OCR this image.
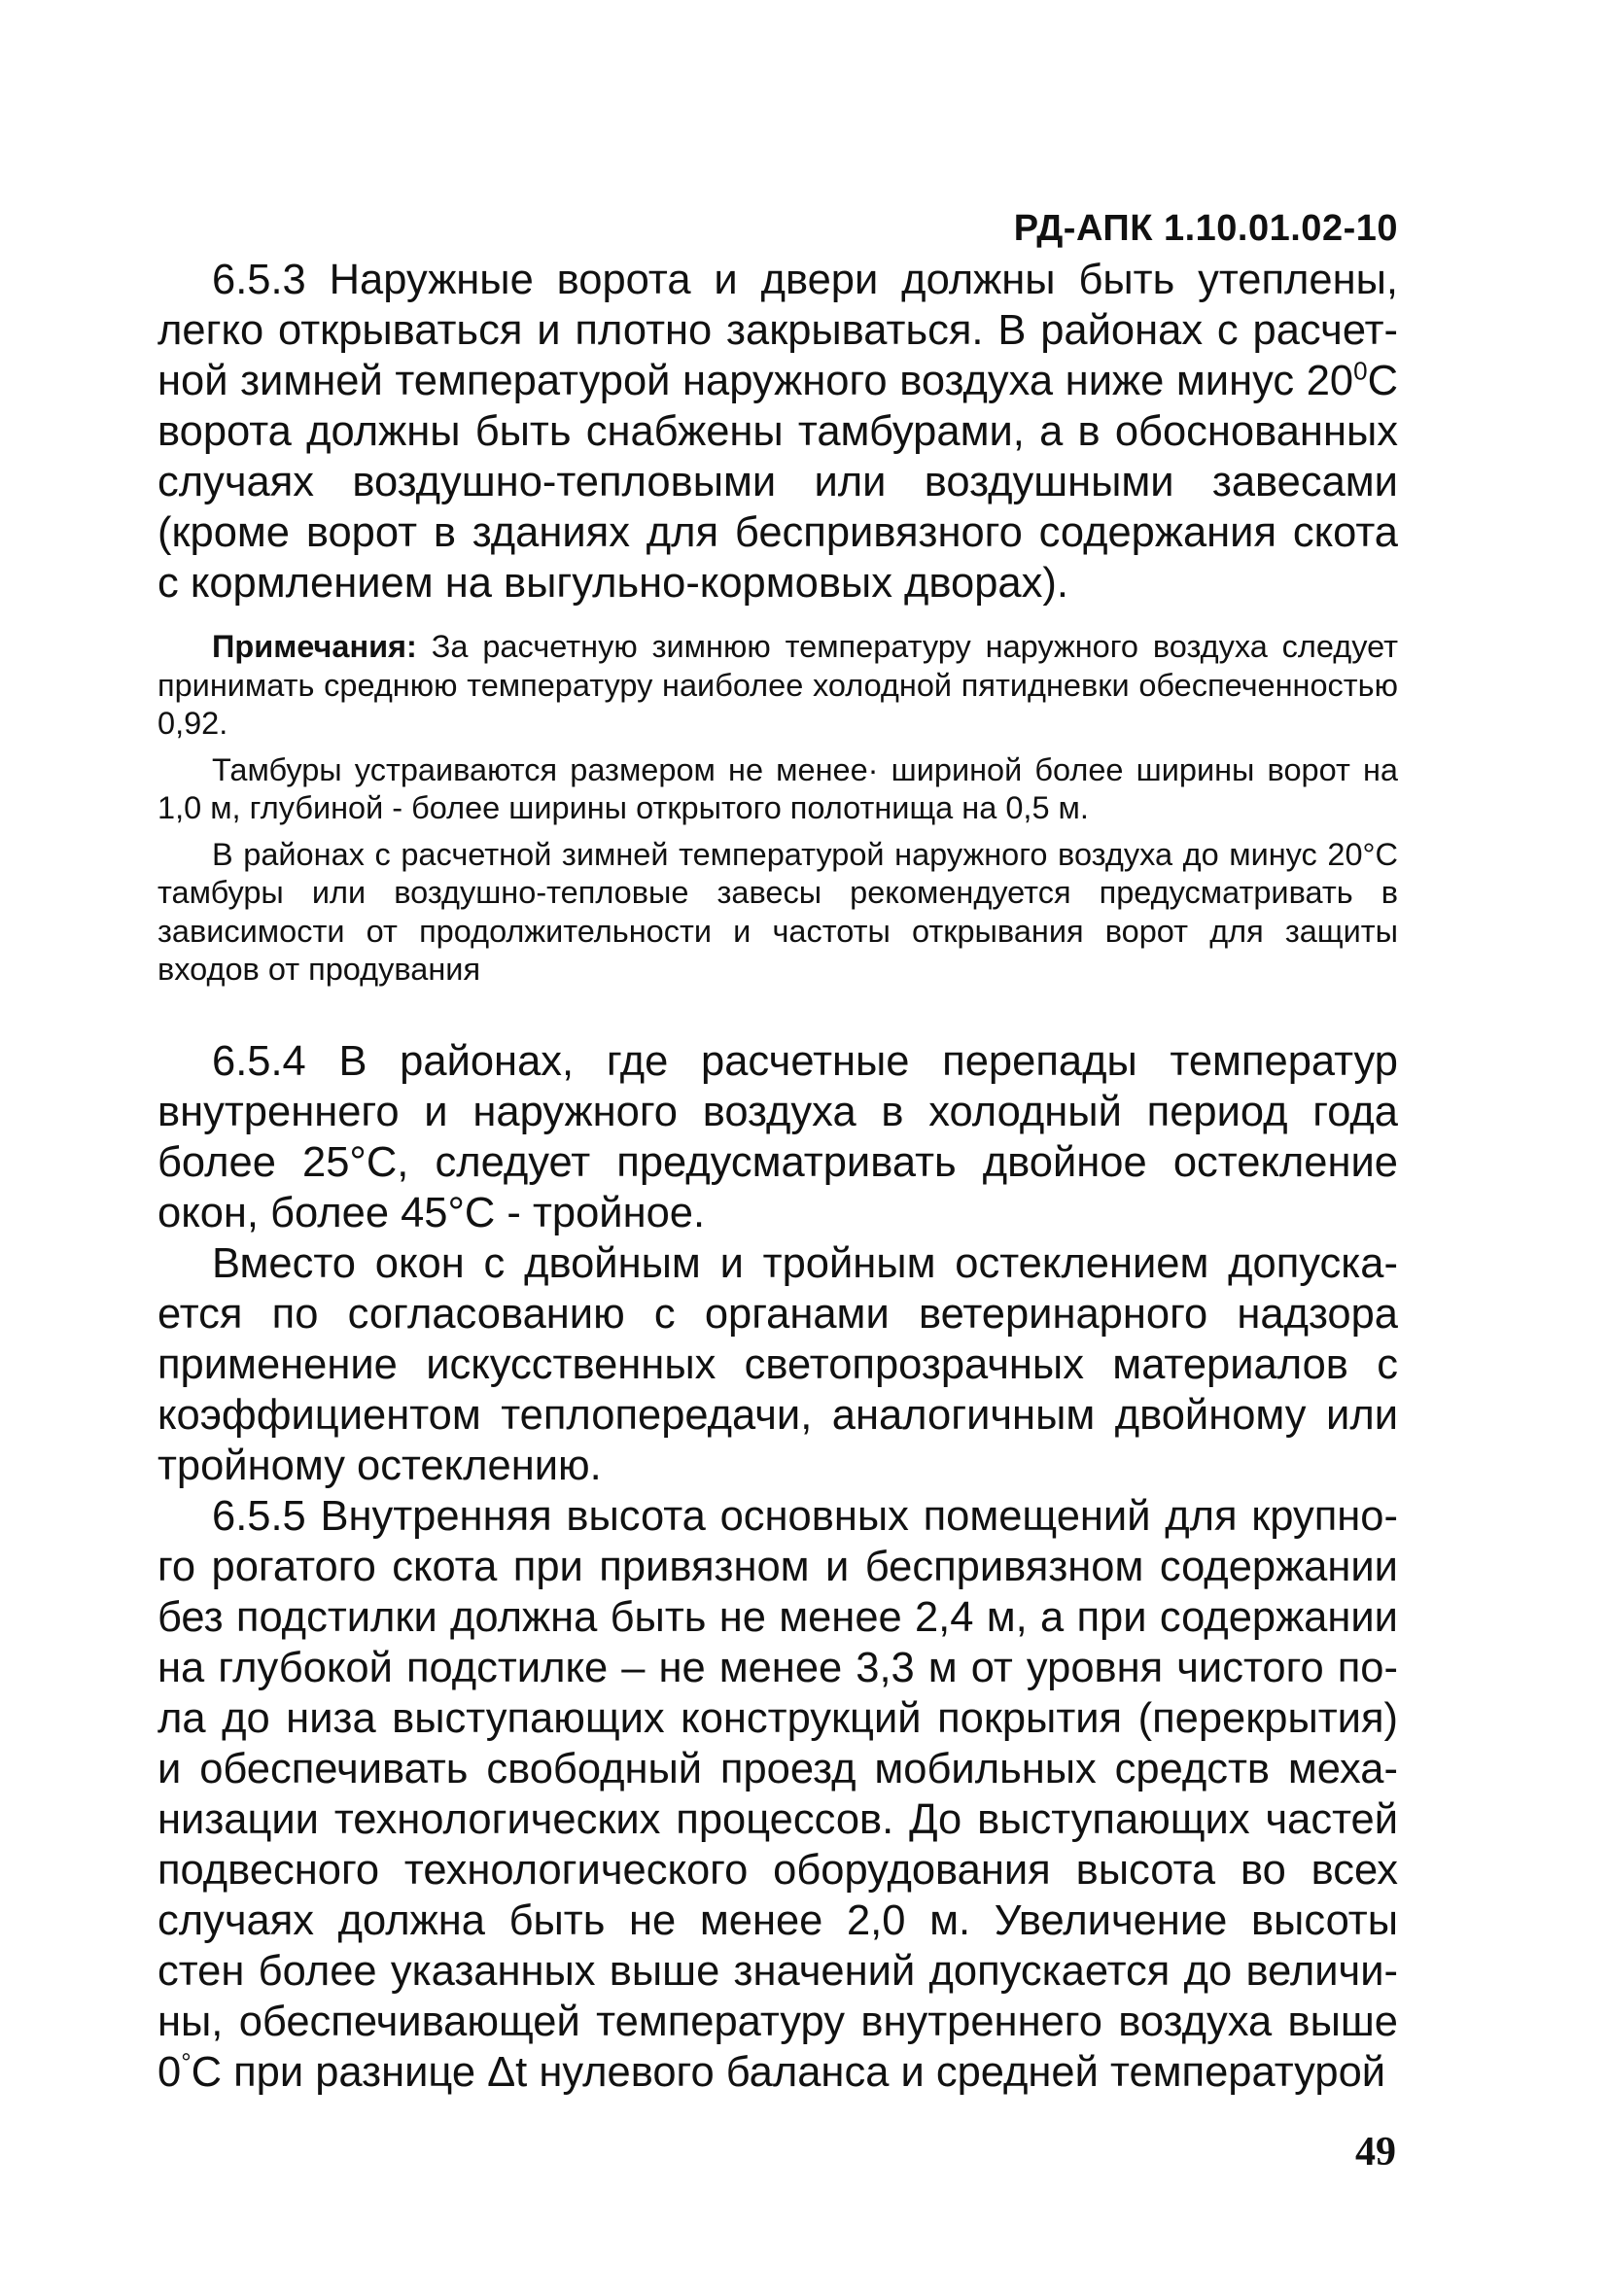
РД-АПК 1.10.01.02-10

6.5.3 Наружные ворота и двери должны быть утеплены, легко открываться и плотно закрываться. В районах с расчетной зимней температурой наружного воздуха ниже минус $20^0С$ ворота должны быть снабжены тамбурами, а в обоснованных случаях воздушно-тепловыми или воздушными завесами (кроме ворот в зданиях для беспривязного содержания скота с кормлением на выгульно-кормовых дворах).

Примечания: За расчетную зимнюю температуру наружного воздуха следует принимать среднюю температуру наиболее холодной пятидневки обеспеченностью 0,92.

Тамбуры устраиваются размером не менее· шириной более ширины ворот на 1,0 м, глубиной - более ширины открытого полотнища на 0,5 м.

В районах с расчетной зимней температурой наружного воздуха до минус 20°С тамбуры или воздушно-тепловые завесы рекомендуется предусматривать в зависимости от продолжительности и частоты открывания ворот для защиты входов от продувания

6.5.4 В районах, где расчетные перепады температур внутреннего и наружного воздуха в холодный период года более 25°С, следует предусматривать двойное остекление окон, более 45°С - тройное.

Вместо окон с двойным и тройным остеклением допускается по согласованию с органами ветеринарного надзора применение искусственных светопрозрачных материалов с коэффициентом теплопередачи, аналогичным двойному или тройному остеклению.

6.5.5 Внутренняя высота основных помещений для крупного рогатого скота при привязном и беспривязном содержании без подстилки должна быть не менее 2,4 м, а при содержании на глубокой подстилке – не менее 3,3 м от уровня чистого пола до низа выступающих конструкций покрытия (перекрытия) и обеспечивать свободный проезд мобильных средств механизации технологических процессов. До выступающих частей подвесного технологического оборудования высота во всех случаях должна быть не менее 2,0 м. Увеличение высоты стен более указанных выше значений допускается до величины, обеспечивающей температуру внутреннего воздуха выше 0°С при разнице Δt нулевого баланса и средней температурой

49
